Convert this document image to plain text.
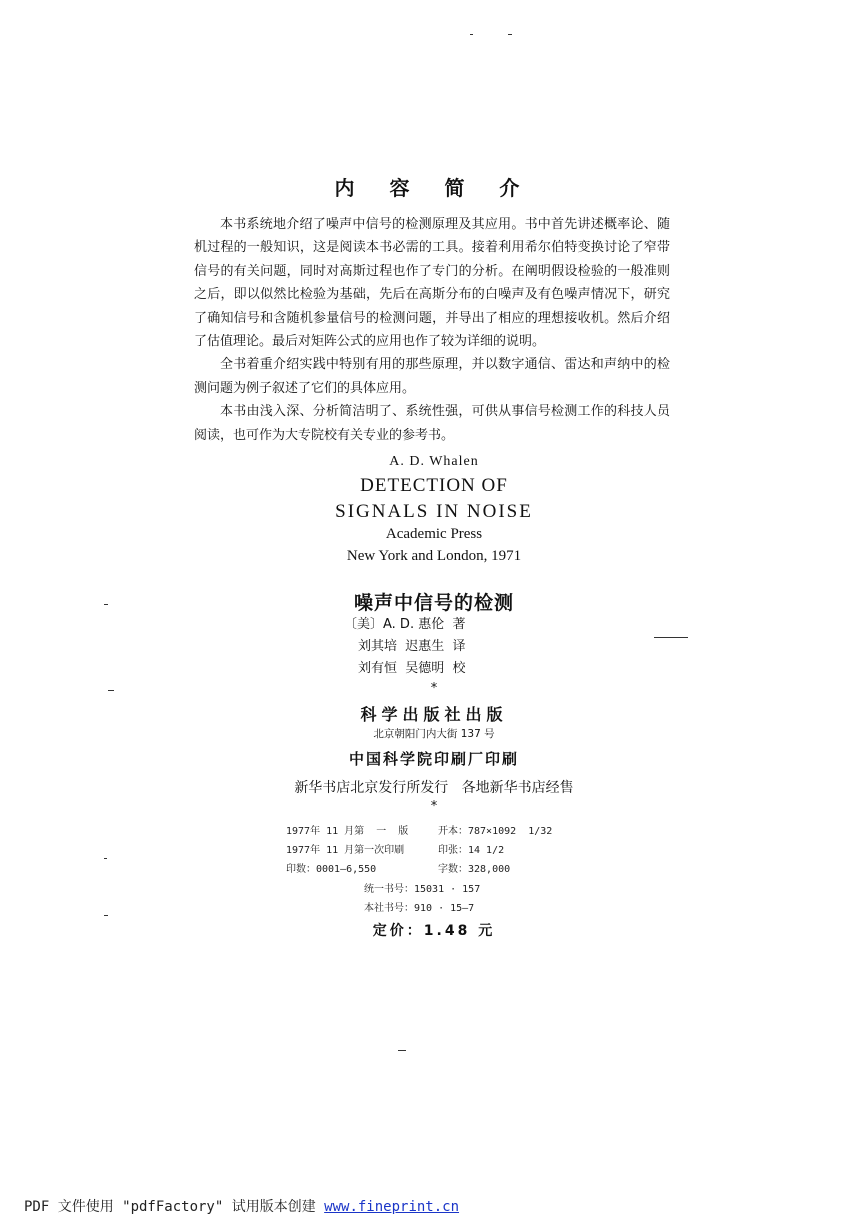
内 容 简 介

本书系统地介绍了噪声中信号的检测原理及其应用。书中首先讲述概率论、随机过程的一般知识，这是阅读本书必需的工具。接着利用希尔伯特变换讨论了窄带信号的有关问题，同时对高斯过程也作了专门的分析。在阐明假设检验的一般准则之后，即以似然比检验为基础，先后在高斯分布的白噪声及有色噪声情况下，研究了确知信号和含随机参量信号的检测问题，并导出了相应的理想接收机。然后介绍了估值理论。最后对矩阵公式的应用也作了较为详细的说明。

全书着重介绍实践中特别有用的那些原理，并以数字通信、雷达和声纳中的检测问题为例子叙述了它们的具体应用。

本书由浅入深、分析简洁明了、系统性强，可供从事信号检测工作的科技人员阅读，也可作为大专院校有关专业的参考书。

A. D. Whalen
DETECTION OF
SIGNALS IN NOISE
Academic Press
New York and London, 1971
噪声中信号的检测
〔美〕A. D. 惠伦  著
刘其培  迟惠生  译
刘有恒  吴德明  校
*
科学出版社出版
北京朝阳门内大街 137 号
中国科学院印刷厂印刷
新华书店北京发行所发行   各地新华书店经售
*
1977年 11 月第  一  版	开本：787×1092  1/32
1977年 11 月第一次印刷	印张：14 1/2
印数：0001—6,550	字数：328,000
统一书号：15031 · 157
本社书号：910 · 15—7
定价：1.48 元
PDF 文件使用 "pdfFactory" 试用版本创建 www.fineprint.cn
